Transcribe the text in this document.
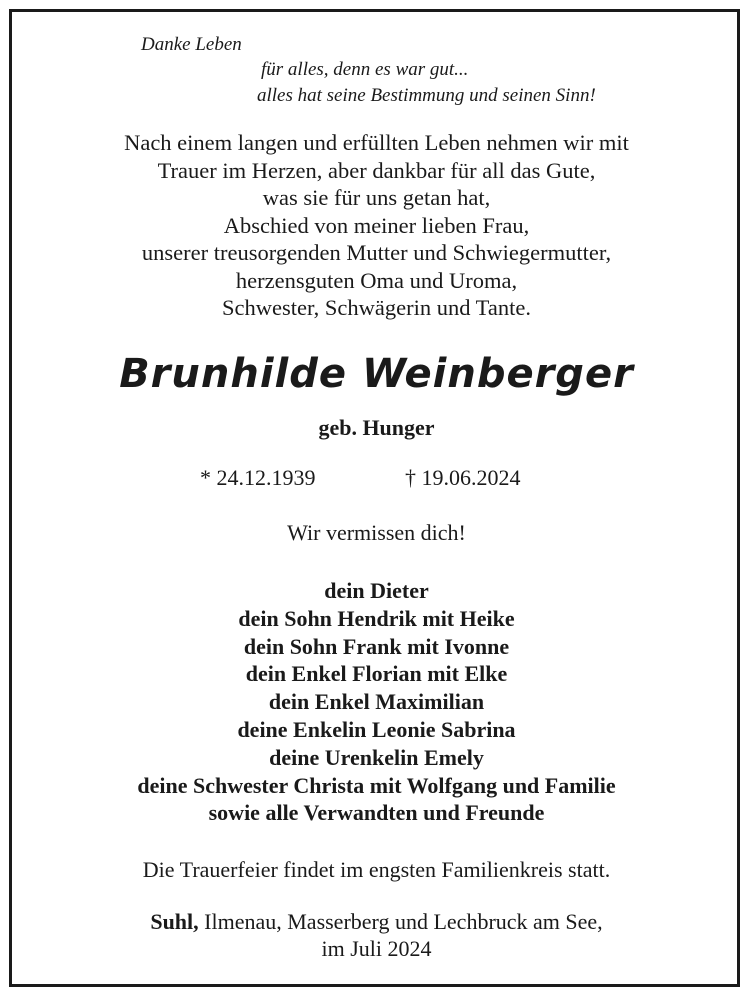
Danke Leben
für alles, denn es war gut...
alles hat seine Bestimmung und seinen Sinn!
Nach einem langen und erfüllten Leben nehmen wir mit
Trauer im Herzen, aber dankbar für all das Gute,
was sie für uns getan hat,
Abschied von meiner lieben Frau,
unserer treusorgenden Mutter und Schwiegermutter,
herzensguten Oma und Uroma,
Schwester, Schwägerin und Tante.
Brunhilde Weinberger
geb. Hunger
* 24.12.1939	† 19.06.2024
Wir vermissen dich!
dein Dieter
dein Sohn Hendrik mit Heike
dein Sohn Frank mit Ivonne
dein Enkel Florian mit Elke
dein Enkel Maximilian
deine Enkelin Leonie Sabrina
deine Urenkelin Emely
deine Schwester Christa mit Wolfgang und Familie
sowie alle Verwandten und Freunde
Die Trauerfeier findet im engsten Familienkreis statt.
Suhl, Ilmenau, Masserberg und Lechbruck am See,
im Juli 2024
